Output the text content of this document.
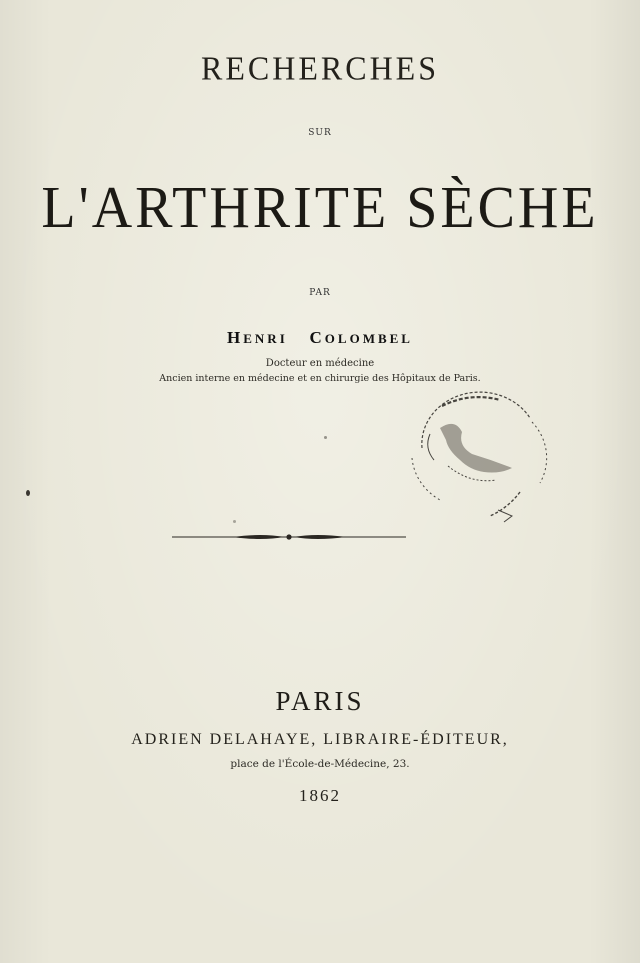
RECHERCHES
SUR
L'ARTHRITE SÈCHE
PAR
HENRI COLOMBEL
Docteur en médecine
Ancien interne en médecine et en chirurgie des Hôpitaux de Paris.
PARIS
ADRIEN DELAHAYE, LIBRAIRE-ÉDITEUR,
place de l'École-de-Médecine, 23.
1862
